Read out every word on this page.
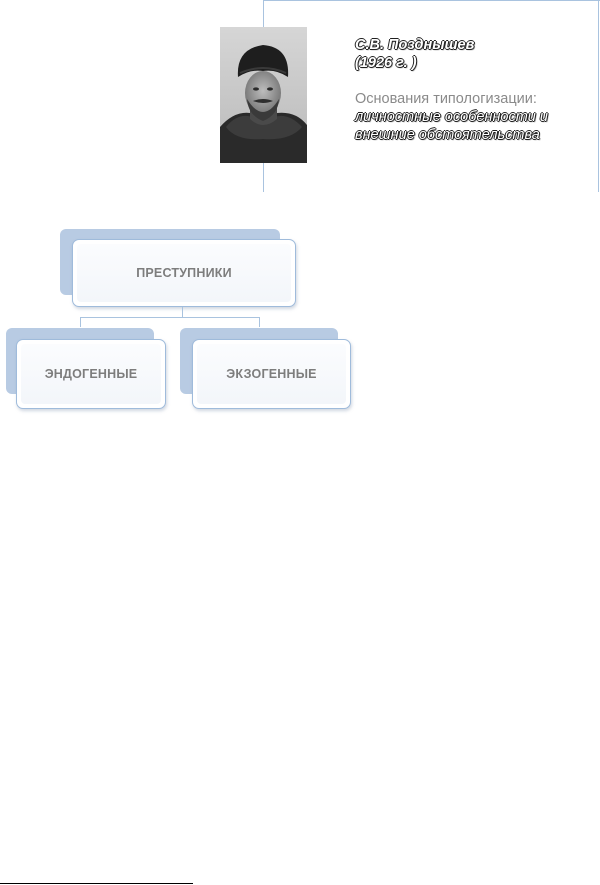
С.В. Позднышев
(1926 г. )
Основания типологизации:
личностные особенности и внешние обстоятельства
ПРЕСТУПНИКИ
ЭНДОГЕННЫЕ	ЭКЗОГЕННЫЕ
